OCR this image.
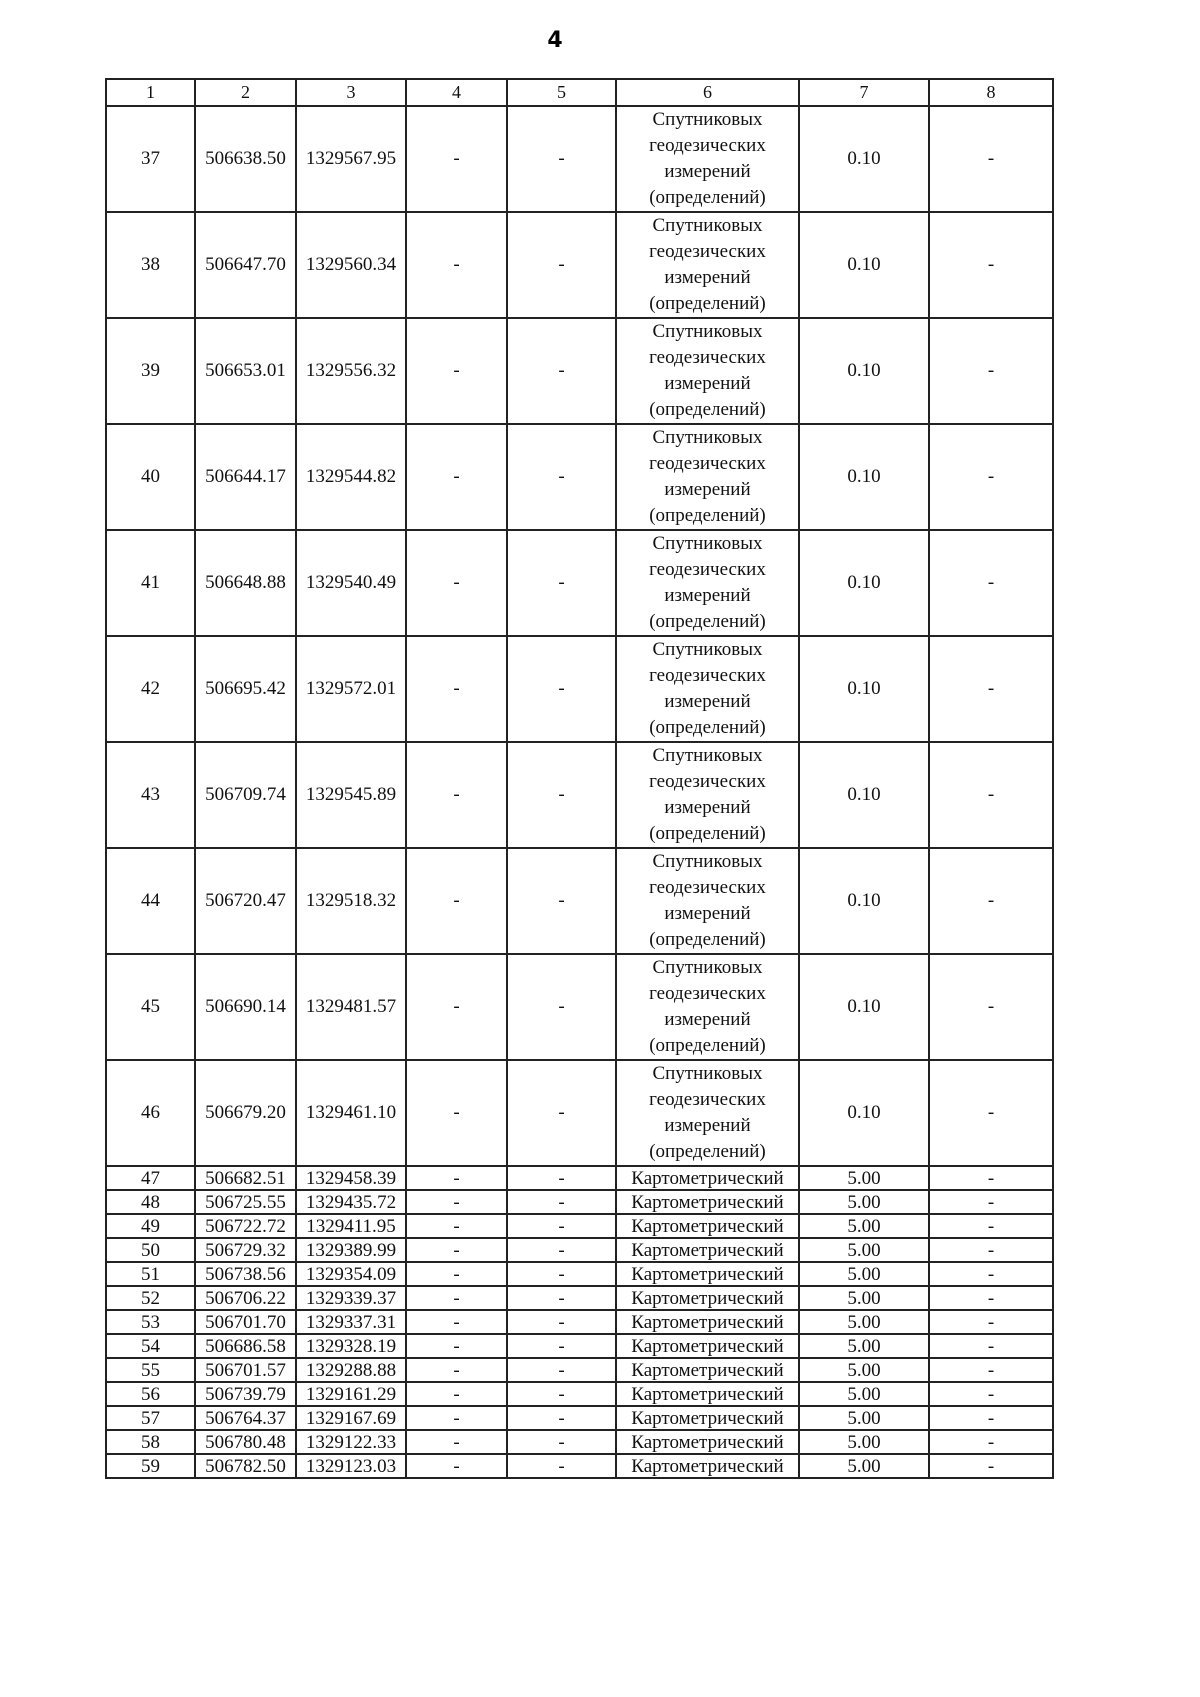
4
1	2	3	4	5	6	7	8
37	506638.50	1329567.95	-	-	Спутниковых геодезических измерений (определений)	0.10	-
38	506647.70	1329560.34	-	-	Спутниковых геодезических измерений (определений)	0.10	-
39	506653.01	1329556.32	-	-	Спутниковых геодезических измерений (определений)	0.10	-
40	506644.17	1329544.82	-	-	Спутниковых геодезических измерений (определений)	0.10	-
41	506648.88	1329540.49	-	-	Спутниковых геодезических измерений (определений)	0.10	-
42	506695.42	1329572.01	-	-	Спутниковых геодезических измерений (определений)	0.10	-
43	506709.74	1329545.89	-	-	Спутниковых геодезических измерений (определений)	0.10	-
44	506720.47	1329518.32	-	-	Спутниковых геодезических измерений (определений)	0.10	-
45	506690.14	1329481.57	-	-	Спутниковых геодезических измерений (определений)	0.10	-
46	506679.20	1329461.10	-	-	Спутниковых геодезических измерений (определений)	0.10	-
47	506682.51	1329458.39	-	-	Картометрический	5.00	-
48	506725.55	1329435.72	-	-	Картометрический	5.00	-
49	506722.72	1329411.95	-	-	Картометрический	5.00	-
50	506729.32	1329389.99	-	-	Картометрический	5.00	-
51	506738.56	1329354.09	-	-	Картометрический	5.00	-
52	506706.22	1329339.37	-	-	Картометрический	5.00	-
53	506701.70	1329337.31	-	-	Картометрический	5.00	-
54	506686.58	1329328.19	-	-	Картометрический	5.00	-
55	506701.57	1329288.88	-	-	Картометрический	5.00	-
56	506739.79	1329161.29	-	-	Картометрический	5.00	-
57	506764.37	1329167.69	-	-	Картометрический	5.00	-
58	506780.48	1329122.33	-	-	Картометрический	5.00	-
59	506782.50	1329123.03	-	-	Картометрический	5.00	-
